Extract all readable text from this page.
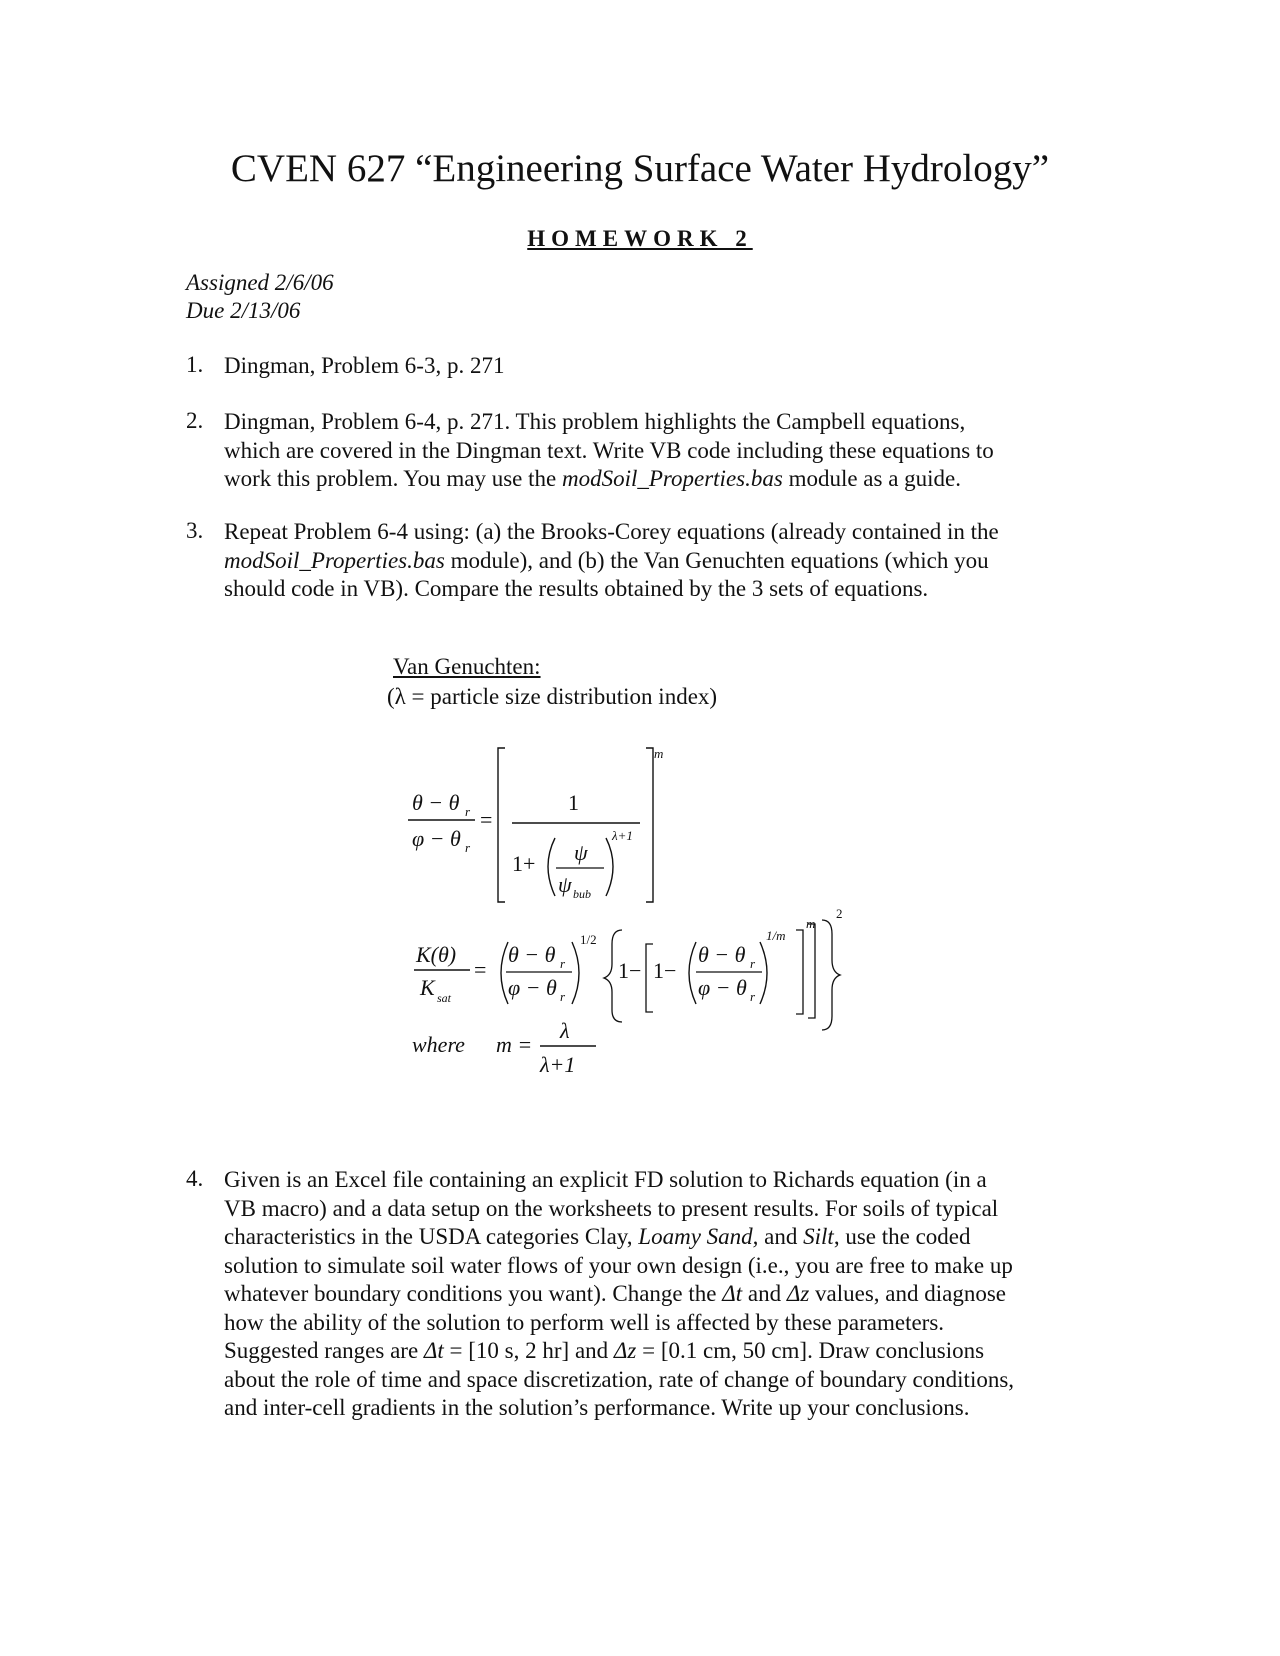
CVEN 627 “Engineering Surface Water Hydrology”
HOMEWORK 2
Assigned 2/6/06
Due 2/13/06
1. Dingman, Problem 6-3, p. 271

2. Dingman, Problem 6-4, p. 271. This problem highlights the Campbell equations,

which are covered in the Dingman text. Write VB code including these equations to

work this problem. You may use the modSoil_Properties.bas module as a guide.

3. Repeat Problem 6-4 using: (a) the Brooks-Corey equations (already contained in the

modSoil_Properties.bas module), and (b) the Van Genuchten equations (which you

should code in VB). Compare the results obtained by the 3 sets of equations.

Van Genuchten:
(λ = particle size distribution index)
θ − θ r
φ − θ r
=
m
1
1+ ψ
ψ bub
λ+1
K(θ)
K sat
=
θ − θ r
φ − θ r
1/2
1− 1−
θ − θ r
φ − θ r
1/m
m
2
where m =
λ
λ+1
4. Given is an Excel file containing an explicit FD solution to Richards equation (in a

VB macro) and a data setup on the worksheets to present results. For soils of typical

characteristics in the USDA categories Clay, Loamy Sand, and Silt, use the coded

solution to simulate soil water flows of your own design (i.e., you are free to make up

whatever boundary conditions you want). Change the Δt and Δz values, and diagnose

how the ability of the solution to perform well is affected by these parameters.

Suggested ranges are Δt = [10 s, 2 hr] and Δz = [0.1 cm, 50 cm]. Draw conclusions

about the role of time and space discretization, rate of change of boundary conditions,

and inter-cell gradients in the solution’s performance. Write up your conclusions.
